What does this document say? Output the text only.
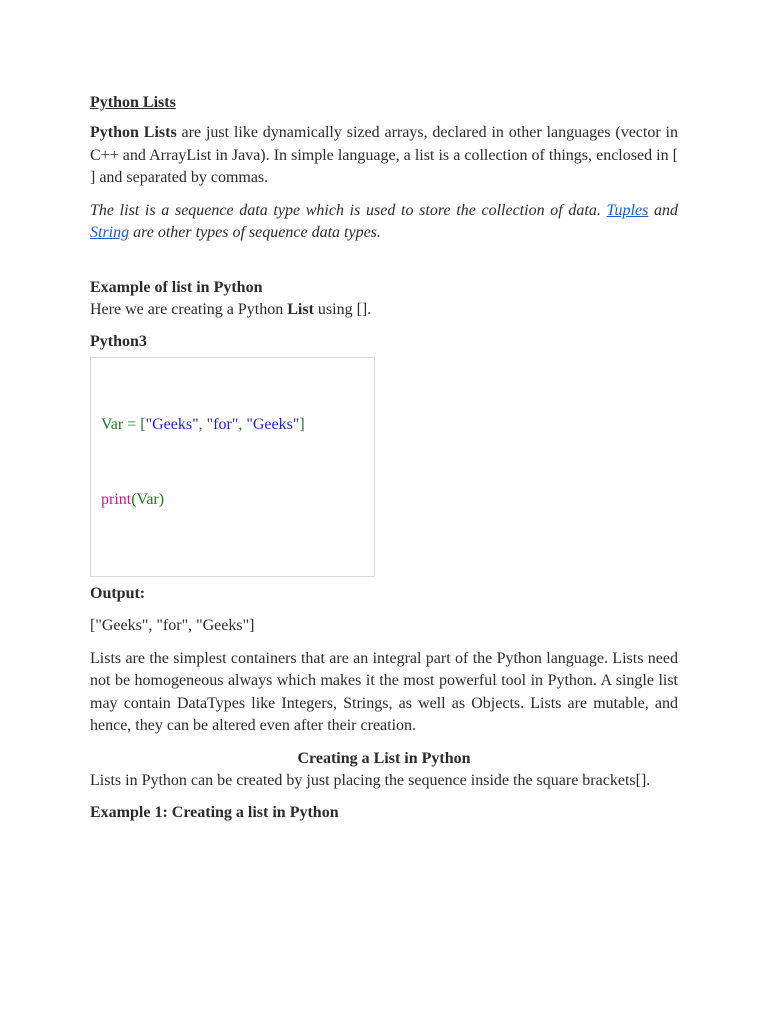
Python Lists

Python Lists are just like dynamically sized arrays, declared in other languages (vector in C++ and ArrayList in Java). In simple language, a list is a collection of things, enclosed in [ ] and separated by commas.

The list is a sequence data type which is used to store the collection of data. Tuples and String are other types of sequence data types.

Example of list in Python

Here we are creating a Python List using [].

Python3
Var = ["Geeks", "for", "Geeks"]
print(Var)
Output:

["Geeks", "for", "Geeks"]

Lists are the simplest containers that are an integral part of the Python language. Lists need not be homogeneous always which makes it the most powerful tool in Python. A single list may contain DataTypes like Integers, Strings, as well as Objects. Lists are mutable, and hence, they can be altered even after their creation.

Creating a List in Python

Lists in Python can be created by just placing the sequence inside the square brackets[].

Example 1: Creating a list in Python
